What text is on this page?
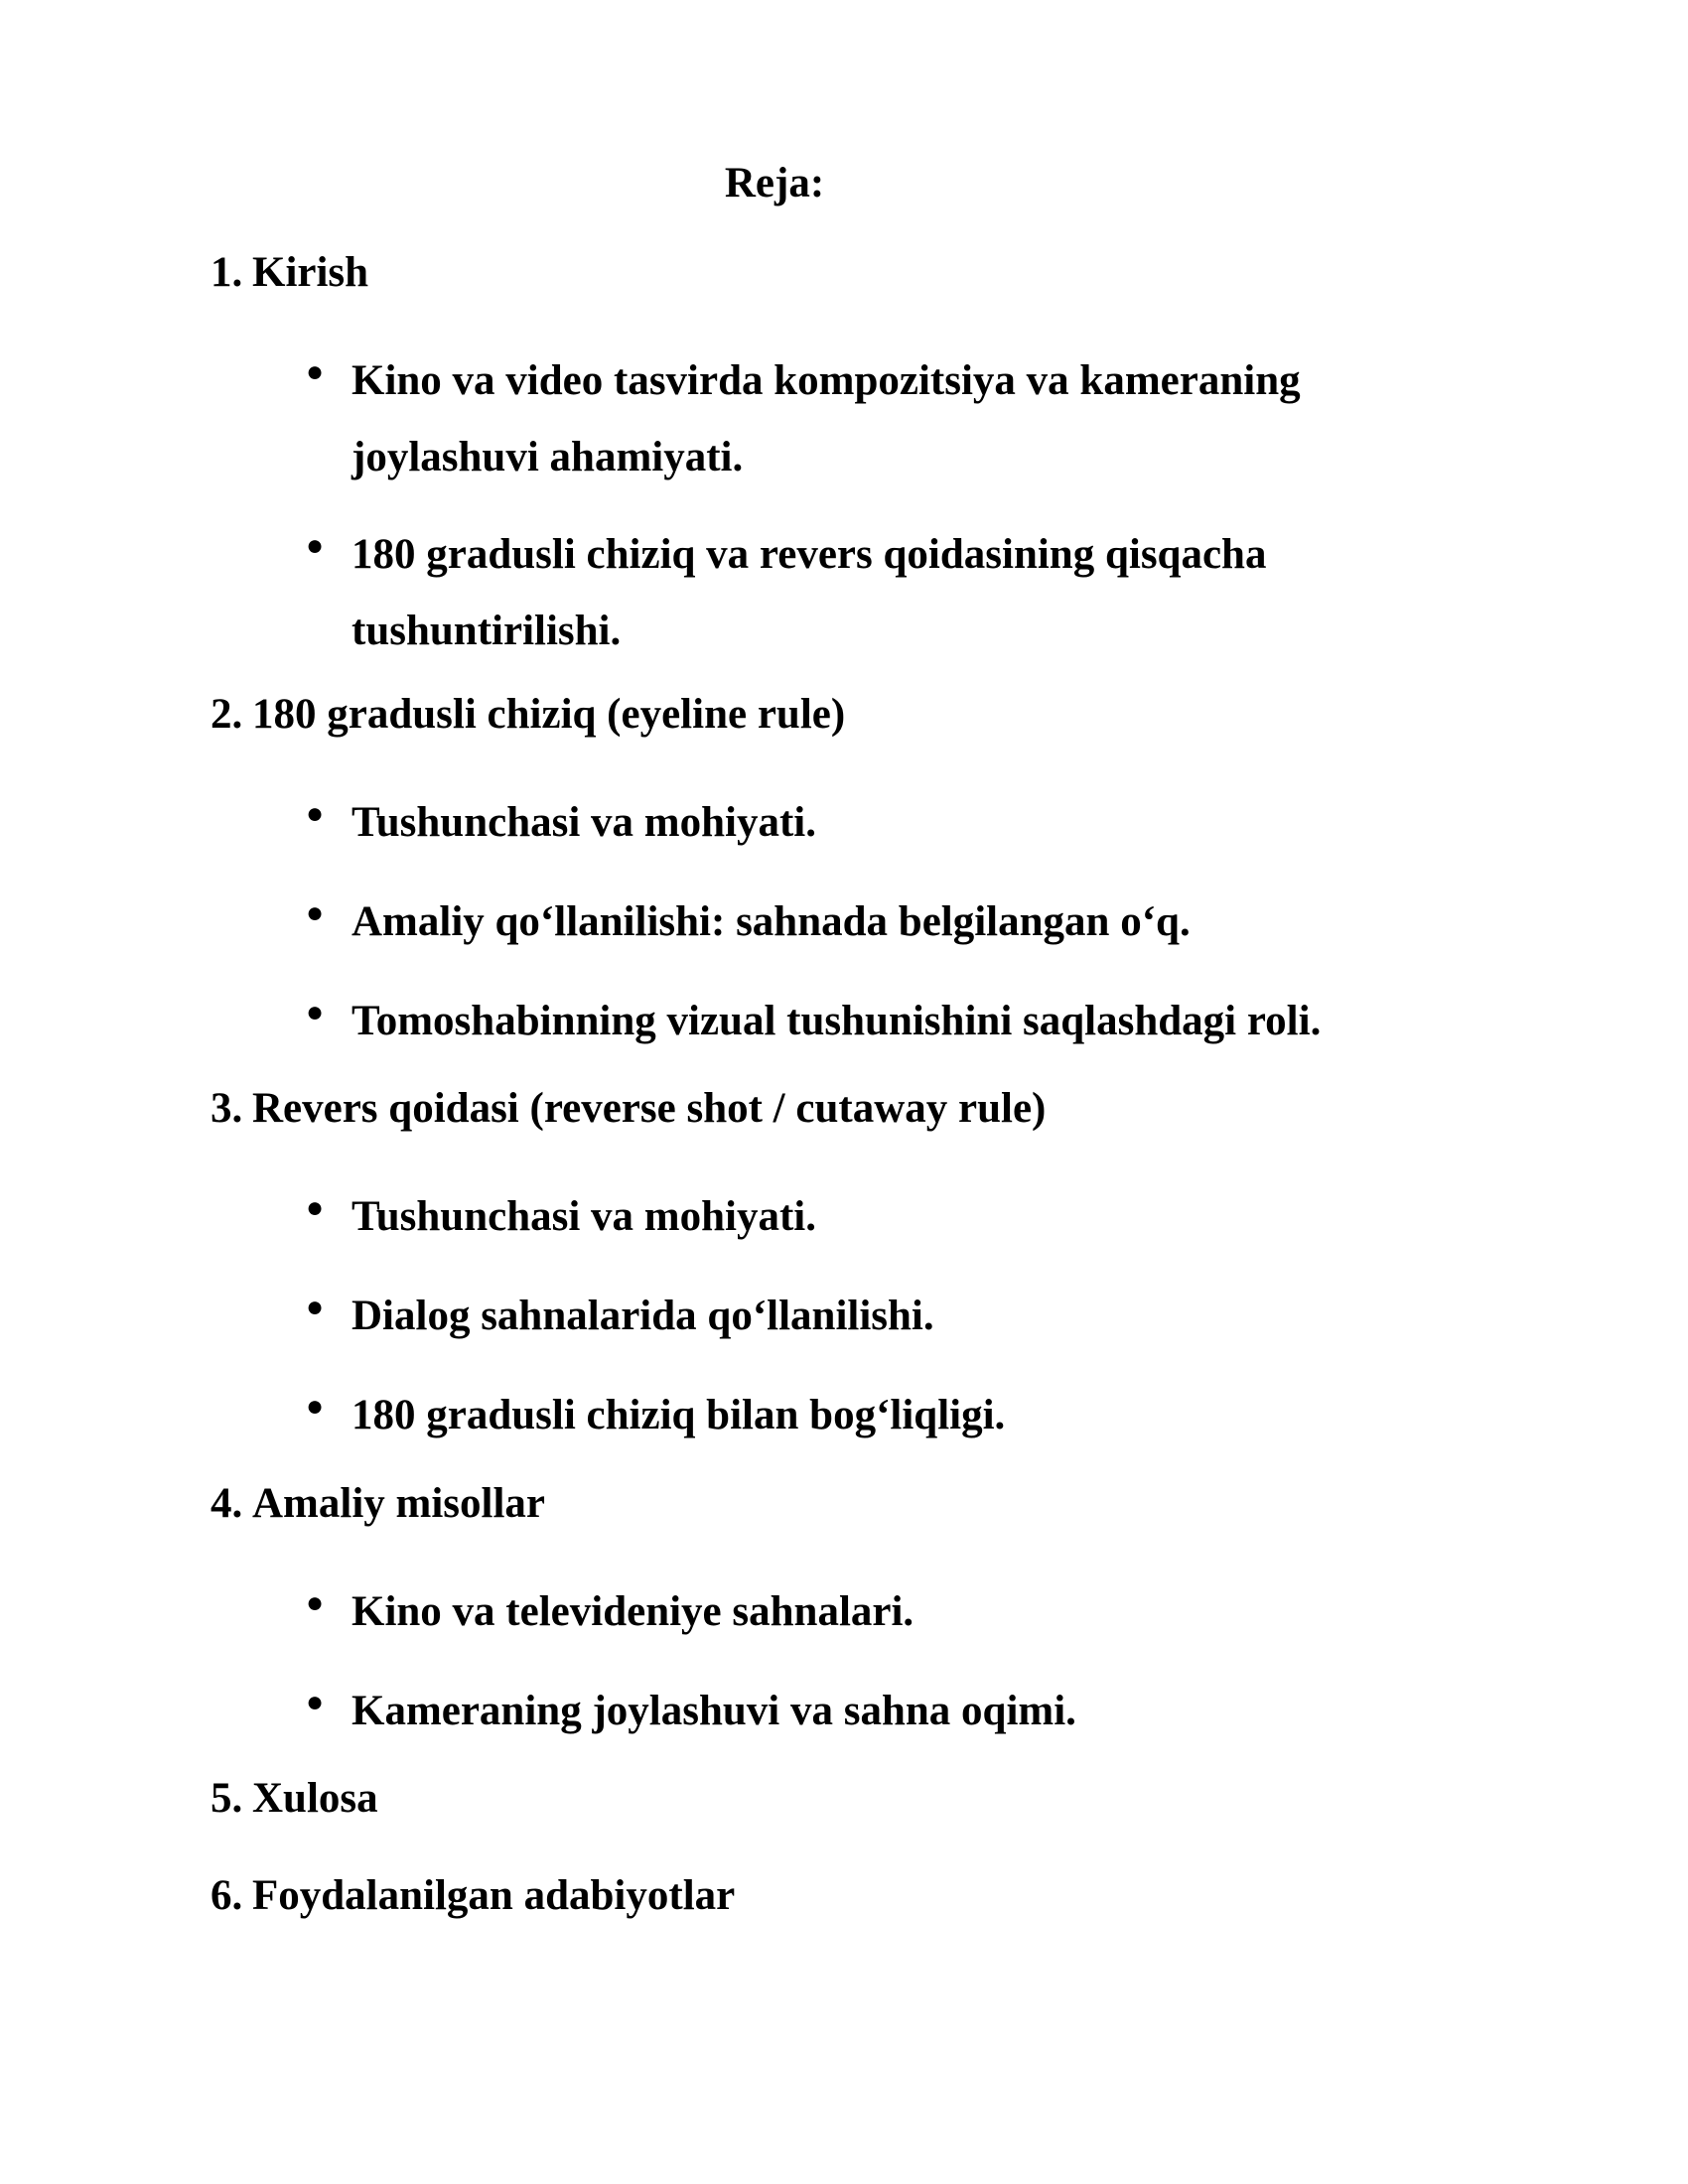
Reja:
1. Kirish
● Kino va video tasvirda kompozitsiya va kameraning joylashuvi ahamiyati.
● 180 gradusli chiziq va revers qoidasining qisqacha tushuntirilishi.
2. 180 gradusli chiziq (eyeline rule)
● Tushunchasi va mohiyati.
● Amaliy qo‘llanilishi: sahnada belgilangan o‘q.
● Tomoshabinning vizual tushunishini saqlashdagi roli.
3. Revers qoidasi (reverse shot / cutaway rule)
● Tushunchasi va mohiyati.
● Dialog sahnalarida qo‘llanilishi.
● 180 gradusli chiziq bilan bog‘liqligi.
4. Amaliy misollar
● Kino va televideniye sahnalari.
● Kameraning joylashuvi va sahna oqimi.
5. Xulosa
6. Foydalanilgan adabiyotlar
